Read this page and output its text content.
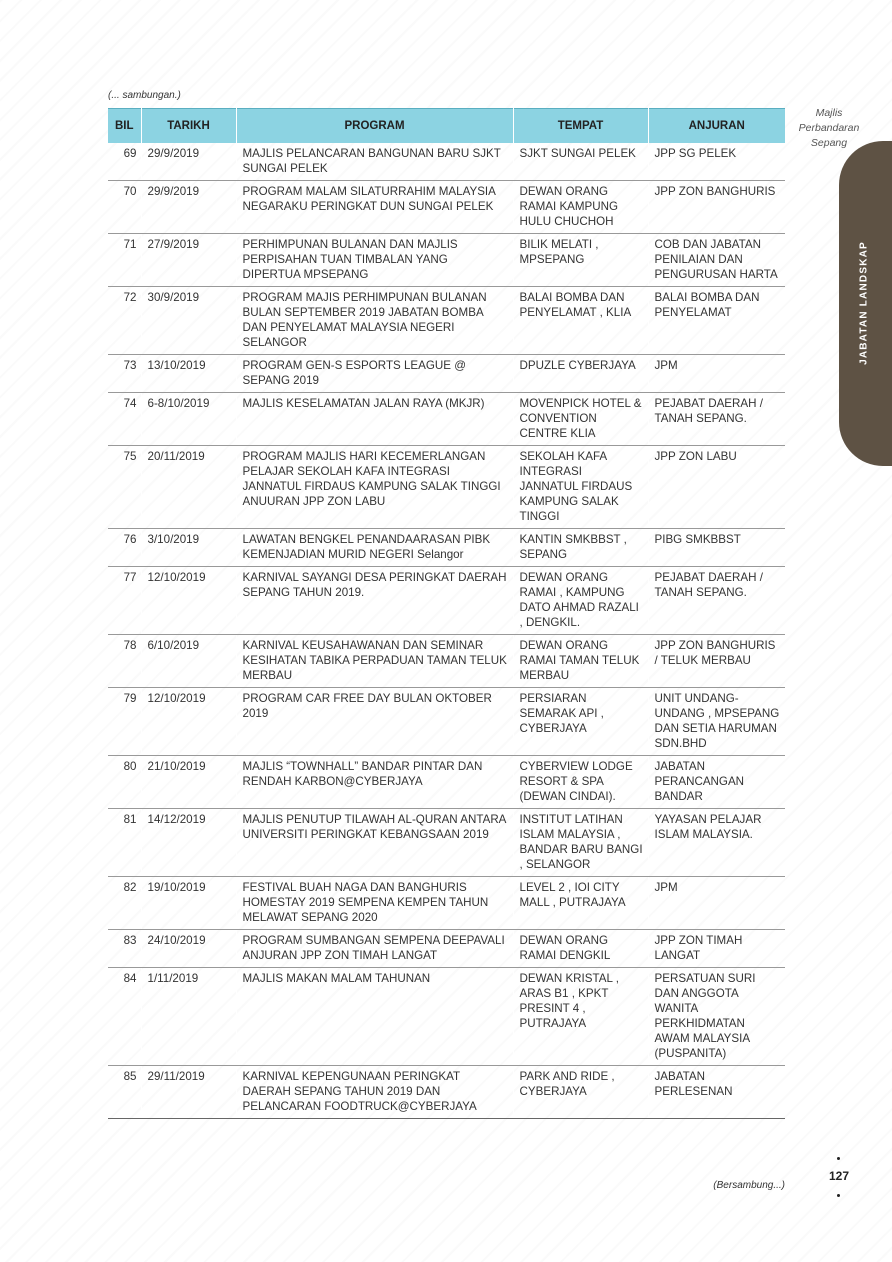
(... sambungan.)
Majlis
Perbandaran
Sepang
JABATAN LANDSKAP
BIL	TARIKH	PROGRAM	TEMPAT	ANJURAN
69	29/9/2019	MAJLIS PELANCARAN BANGUNAN BARU SJKT SUNGAI PELEK	SJKT SUNGAI PELEK	JPP SG PELEK
70	29/9/2019	PROGRAM MALAM SILATURRAHIM MALAYSIA NEGARAKU PERINGKAT DUN SUNGAI PELEK	DEWAN ORANG RAMAI KAMPUNG HULU CHUCHOH	JPP ZON BANGHURIS
71	27/9/2019	PERHIMPUNAN BULANAN DAN MAJLIS PERPISAHAN TUAN TIMBALAN YANG DIPERTUA MPSEPANG	BILIK MELATI , MPSEPANG	COB DAN JABATAN PENILAIAN DAN PENGURUSAN HARTA
72	30/9/2019	PROGRAM MAJIS PERHIMPUNAN BULANAN BULAN SEPTEMBER 2019 JABATAN BOMBA DAN PENYELAMAT MALAYSIA NEGERI SELANGOR	BALAI BOMBA DAN PENYELAMAT , KLIA	BALAI BOMBA DAN PENYELAMAT
73	13/10/2019	PROGRAM GEN-S ESPORTS LEAGUE @ SEPANG 2019	DPUZLE CYBERJAYA	JPM
74	6-8/10/2019	MAJLIS KESELAMATAN JALAN RAYA (MKJR)	MOVENPICK HOTEL & CONVENTION CENTRE KLIA	PEJABAT DAERAH / TANAH SEPANG.
75	20/11/2019	PROGRAM MAJLIS HARI KECEMERLANGAN PELAJAR SEKOLAH KAFA INTEGRASI JANNATUL FIRDAUS KAMPUNG SALAK TINGGI ANUURAN JPP ZON LABU	SEKOLAH KAFA INTEGRASI JANNATUL FIRDAUS KAMPUNG SALAK TINGGI	JPP ZON LABU
76	3/10/2019	LAWATAN BENGKEL PENANDAARASAN PIBK KEMENJADIAN MURID NEGERI Selangor	KANTIN SMKBBST , SEPANG	PIBG SMKBBST
77	12/10/2019	KARNIVAL SAYANGI DESA PERINGKAT DAERAH SEPANG TAHUN 2019.	DEWAN ORANG RAMAI , KAMPUNG DATO AHMAD RAZALI , DENGKIL.	PEJABAT DAERAH / TANAH SEPANG.
78	6/10/2019	KARNIVAL KEUSAHAWANAN DAN SEMINAR KESIHATAN TABIKA PERPADUAN TAMAN TELUK MERBAU	DEWAN ORANG RAMAI TAMAN TELUK MERBAU	JPP ZON BANGHURIS / TELUK MERBAU
79	12/10/2019	PROGRAM CAR FREE DAY BULAN OKTOBER 2019	PERSIARAN SEMARAK API , CYBERJAYA	UNIT UNDANG-UNDANG , MPSEPANG DAN SETIA HARUMAN SDN.BHD
80	21/10/2019	MAJLIS “TOWNHALL” BANDAR PINTAR DAN RENDAH KARBON@CYBERJAYA	CYBERVIEW LODGE RESORT & SPA (DEWAN CINDAI).	JABATAN PERANCANGAN BANDAR
81	14/12/2019	MAJLIS PENUTUP TILAWAH AL-QURAN ANTARA UNIVERSITI PERINGKAT KEBANGSAAN 2019	INSTITUT LATIHAN ISLAM MALAYSIA , BANDAR BARU BANGI , SELANGOR	YAYASAN PELAJAR ISLAM MALAYSIA.
82	19/10/2019	FESTIVAL BUAH NAGA DAN BANGHURIS HOMESTAY 2019 SEMPENA KEMPEN TAHUN MELAWAT SEPANG 2020	LEVEL 2 , IOI CITY MALL , PUTRAJAYA	JPM
83	24/10/2019	PROGRAM SUMBANGAN SEMPENA DEEPAVALI ANJURAN JPP ZON TIMAH LANGAT	DEWAN ORANG RAMAI DENGKIL	JPP ZON TIMAH LANGAT
84	1/11/2019	MAJLIS MAKAN MALAM TAHUNAN	DEWAN KRISTAL , ARAS B1 , KPKT PRESINT 4 , PUTRAJAYA	PERSATUAN SURI DAN ANGGOTA WANITA PERKHIDMATAN AWAM MALAYSIA (PUSPANITA)
85	29/11/2019	KARNIVAL KEPENGUNAAN PERINGKAT DAERAH SEPANG TAHUN 2019 DAN PELANCARAN FOODTRUCK@CYBERJAYA	PARK AND RIDE , CYBERJAYA	JABATAN PERLESENAN
(Bersambung...)
127
